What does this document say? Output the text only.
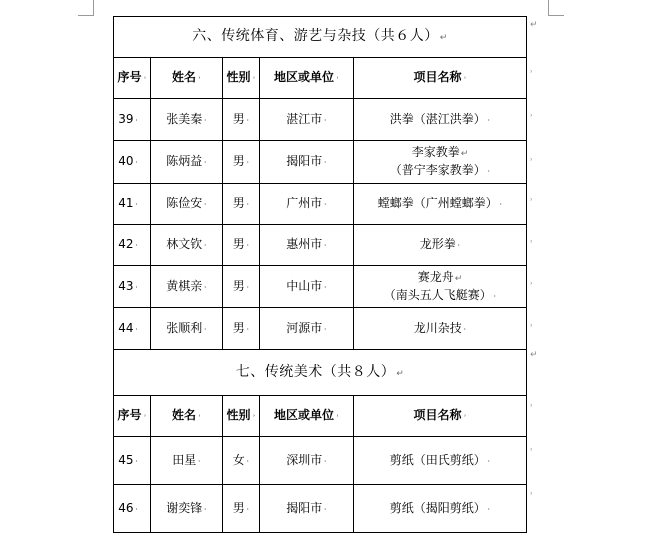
↵
˒
˒
˒
˒
˒
˒
˒
↵
˒
˒
˒
六、传统体育、游艺与杂技（共６人）↵				
序号 ˒	姓名 ˒	性别 ˒	地区或单位 ˒	项目名称 ˒
39 ˒	张美秦 ˒	男 ˒	湛江市 ˒	洪拳（湛江洪拳） ˒
40 ˒	陈炳益 ˒	男 ˒	揭阳市 ˒	李家教拳↵
（普宁李家教拳） ˒
41 ˒	陈俭安 ˒	男 ˒	广州市 ˒	螳螂拳（广州螳螂拳） ˒
42 ˒	林文钦 ˒	男 ˒	惠州市 ˒	龙形拳 ˒
43 ˒	黄棋亲 ˒	男 ˒	中山市 ˒	赛龙舟↵
（南头五人飞艇赛） ˒
44 ˒	张顺利 ˒	男 ˒	河源市 ˒	龙川杂技 ˒
七、传统美术（共８人）↵				
序号 ˒	姓名 ˒	性别 ˒	地区或单位 ˒	项目名称 ˒
45 ˒	田星 ˒	女 ˒	深圳市 ˒	剪纸（田氏剪纸） ˒
46 ˒	谢奕锋 ˒	男 ˒	揭阳市 ˒	剪纸（揭阳剪纸） ˒
